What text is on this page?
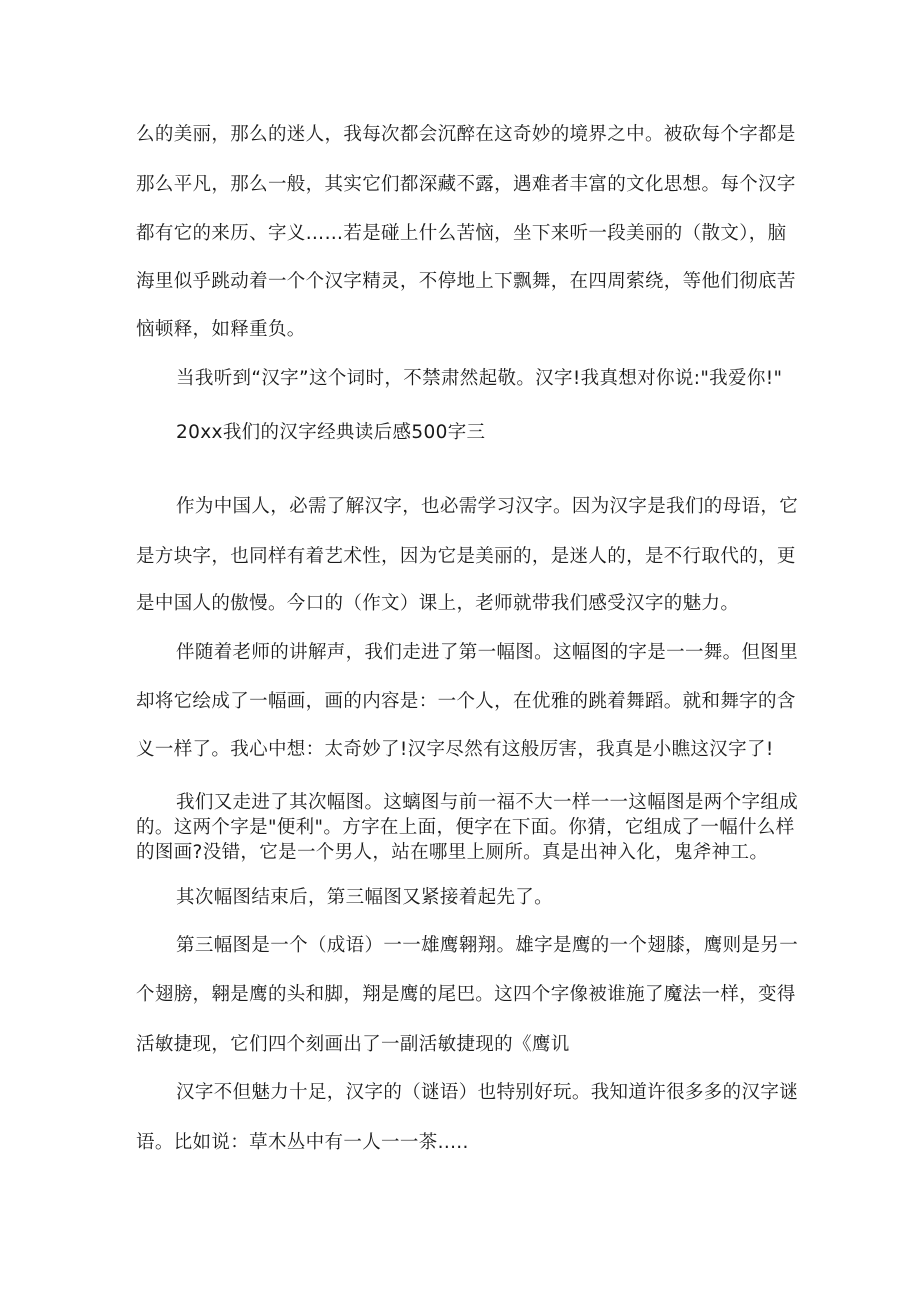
么的美丽，那么的迷人，我每次都会沉醉在这奇妙的境界之中。被砍每个字都是
那么平凡，那么一般，其实它们都深藏不露，遇难者丰富的文化思想。每个汉字
都有它的来历、字义……若是碰上什么苦恼，坐下来听一段美丽的（散文），脑
海里似乎跳动着一个个汉字精灵，不停地上下飘舞，在四周萦绕，等他们彻底苦
恼顿释，如释重负。
当我听到“汉字”这个词时，不禁肃然起敬。汉字!我真想对你说:"我爱你!"
20xx我们的汉字经典读后感500字三
作为中国人，必需了解汉字，也必需学习汉字。因为汉字是我们的母语，它
是方块字，也同样有着艺术性，因为它是美丽的，是迷人的，是不行取代的，更
是中国人的傲慢。今口的（作文）课上，老师就带我们感受汉字的魅力。
伴随着老师的讲解声，我们走进了第一幅图。这幅图的字是一一舞。但图里
却将它绘成了一幅画，画的内容是：一个人，在优雅的跳着舞蹈。就和舞字的含
义一样了。我心中想：太奇妙了!汉字尽然有这般厉害，我真是小瞧这汉字了!
我们又走进了其次幅图。这螭图与前一福不大一样一一这幅图是两个字组成
的。这两个字是"便利"。方字在上面，便字在下面。你猜，它组成了一幅什么样
的图画?没错，它是一个男人，站在哪里上厕所。真是出神入化，鬼斧神工。
其次幅图结束后，第三幅图又紧接着起先了。
第三幅图是一个（成语）一一雄鹰翱翔。雄字是鹰的一个翅膝，鹰则是另一
个翅膀，翱是鹰的头和脚，翔是鹰的尾巴。这四个字像被谁施了魔法一样，变得
活敏捷现，它们四个刻画出了一副活敏捷现的《鹰讥
汉字不但魅力十足，汉字的（谜语）也特别好玩。我知道许很多多的汉字谜
语。比如说：草木丛中有一人一一茶.....
